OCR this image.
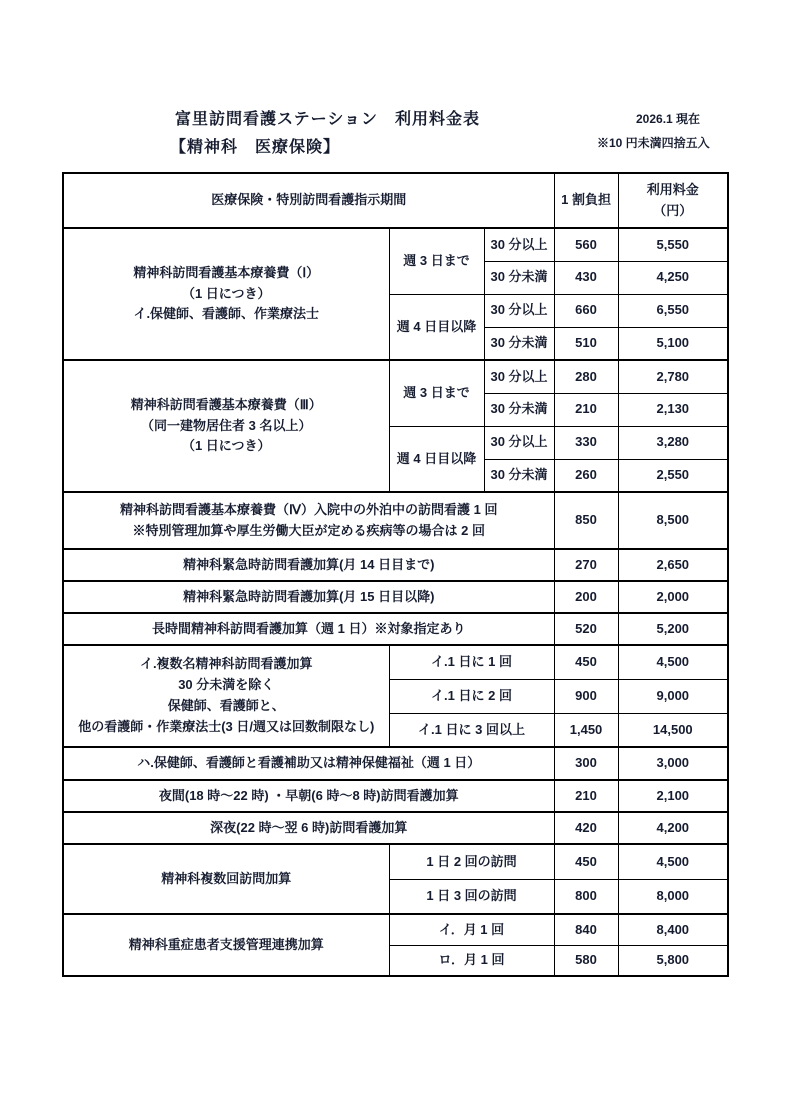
富里訪問看護ステーション　利用料金表
【精神科　医療保険】
2026.1 現在
※10 円未満四捨五入
医療保険・特別訪問看護指示期間			1 割負担	利用料金
（円）

精神科訪問看護基本療養費（Ⅰ）
（1 日につき）
イ.保健師、看護師、作業療法士	週 3 日まで	30 分以上	560	5,550
		30 分未満	430	4,250
	週 4 日目以降	30 分以上	660	6,550
		30 分未満	510	5,100

精神科訪問看護基本療養費（Ⅲ）
（同一建物居住者 3 名以上）
（1 日につき）	週 3 日まで	30 分以上	280	2,780
		30 分未満	210	2,130
	週 4 日目以降	30 分以上	330	3,280
		30 分未満	260	2,550

精神科訪問看護基本療養費（Ⅳ）入院中の外泊中の訪問看護 1 回
※特別管理加算や厚生労働大臣が定める疾病等の場合は 2 回			850	8,500
精神科緊急時訪問看護加算(月 14 日目まで)			270	2,650
精神科緊急時訪問看護加算(月 15 日目以降)			200	2,000
長時間精神科訪問看護加算（週 1 日）※対象指定あり			520	5,200

イ.複数名精神科訪問看護加算
30 分未満を除く
保健師、看護師と、
他の看護師・作業療法士(3 日/週又は回数制限なし)	イ.1 日に 1 回		450	4,500
	イ.1 日に 2 回		900	9,000
	イ.1 日に 3 回以上		1,450	14,500
ハ.保健師、看護師と看護補助又は精神保健福祉（週 1 日）			300	3,000
夜間(18 時～22 時) ・早朝(6 時～8 時)訪問看護加算			210	2,100
深夜(22 時～翌 6 時)訪問看護加算			420	4,200
精神科複数回訪問加算	1 日 2 回の訪問		450	4,500
	1 日 3 回の訪問		800	8,000
精神科重症患者支援管理連携加算	イ．月 1 回		840	8,400
	ロ．月 1 回		580	5,800
